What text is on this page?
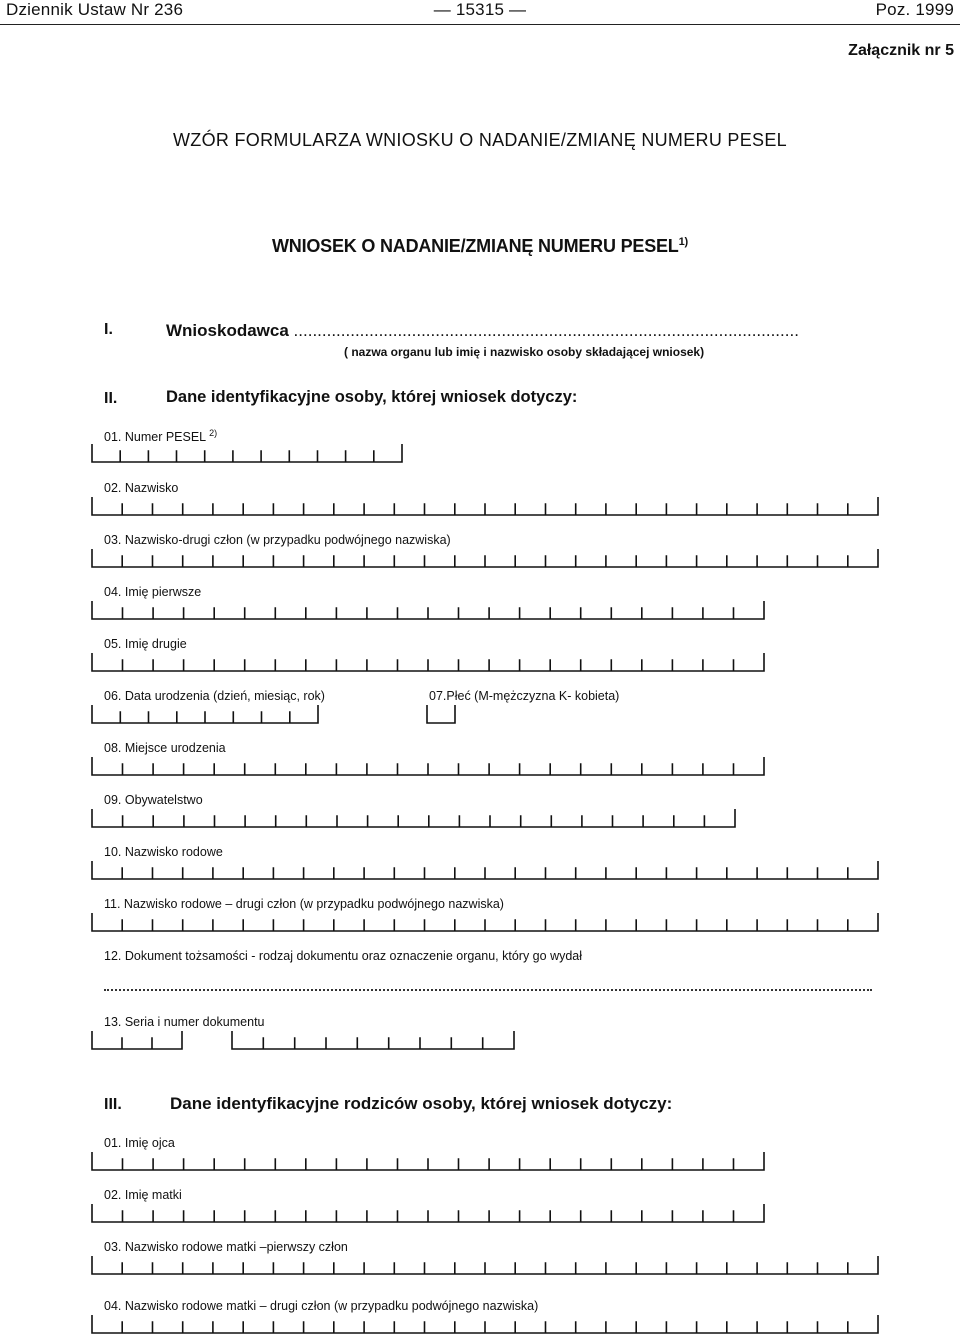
Dziennik Ustaw Nr 236	— 15315 —	Poz. 1999
Załącznik nr 5
WZÓR FORMULARZA WNIOSKU O NADANIE/ZMIANĘ NUMERU PESEL
WNIOSEK O NADANIE/ZMIANĘ NUMERU PESEL$^{1)}$
I.	Wnioskodawca ...........................................................................................................
( nazwa organu lub imię i nazwisko osoby składającej wniosek)
II.	Dane identyfikacyjne osoby, której wniosek dotyczy:
01. Numer PESEL $^{2)}$
02. Nazwisko
03. Nazwisko-drugi człon (w przypadku podwójnego nazwiska)
04. Imię pierwsze
05. Imię drugie
06. Data urodzenia (dzień, miesiąc, rok)	07.Płeć (M-mężczyzna K- kobieta)
08. Miejsce urodzenia
09. Obywatelstwo
10. Nazwisko rodowe
11. Nazwisko rodowe – drugi człon (w przypadku podwójnego nazwiska)
12. Dokument tożsamości - rodzaj dokumentu oraz oznaczenie organu, który go wydał
13. Seria i numer dokumentu
III.	Dane identyfikacyjne rodziców osoby, której wniosek dotyczy:
01. Imię ojca
02. Imię matki
03. Nazwisko rodowe matki –pierwszy człon
04. Nazwisko rodowe matki – drugi człon (w przypadku podwójnego nazwiska)
